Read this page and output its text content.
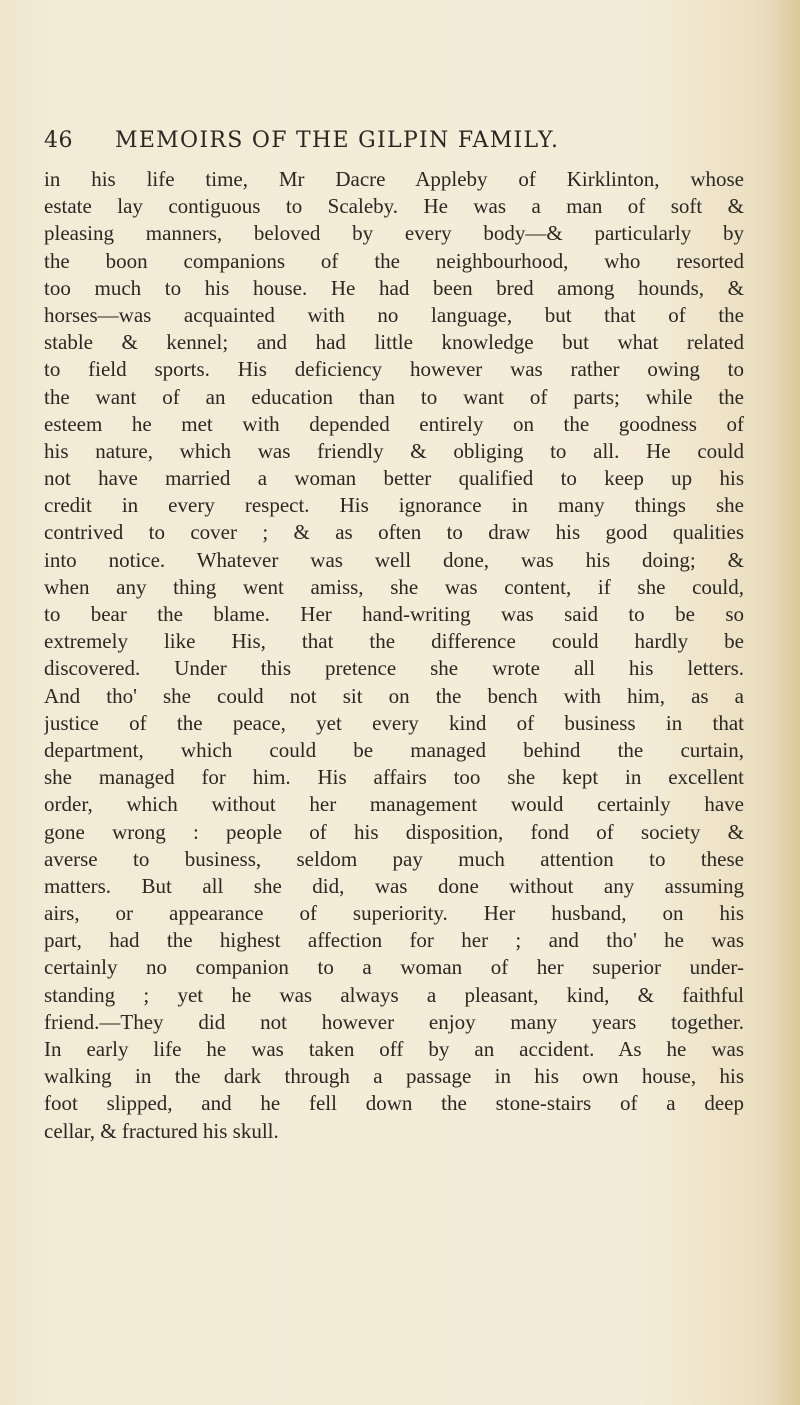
46 MEMOIRS OF THE GILPIN FAMILY.
in his life time, Mr Dacre Appleby of Kirklinton, whose
estate lay contiguous to Scaleby. He was a man of soft &
pleasing manners, beloved by every body—& particularly by
the boon companions of the neighbourhood, who resorted
too much to his house. He had been bred among hounds, &
horses—was acquainted with no language, but that of the
stable & kennel; and had little knowledge but what related
to field sports. His deficiency however was rather owing to
the want of an education than to want of parts; while the
esteem he met with depended entirely on the goodness of
his nature, which was friendly & obliging to all. He could
not have married a woman better qualified to keep up his
credit in every respect. His ignorance in many things she
contrived to cover ; & as often to draw his good qualities
into notice. Whatever was well done, was his doing; &
when any thing went amiss, she was content, if she could,
to bear the blame. Her hand-writing was said to be so
extremely like His, that the difference could hardly be
discovered. Under this pretence she wrote all his letters.
And tho' she could not sit on the bench with him, as a
justice of the peace, yet every kind of business in that
department, which could be managed behind the curtain,
she managed for him. His affairs too she kept in excellent
order, which without her management would certainly have
gone wrong : people of his disposition, fond of society &
averse to business, seldom pay much attention to these
matters. But all she did, was done without any assuming
airs, or appearance of superiority. Her husband, on his
part, had the highest affection for her ; and tho' he was
certainly no companion to a woman of her superior under-
standing ; yet he was always a pleasant, kind, & faithful
friend.—They did not however enjoy many years together.
In early life he was taken off by an accident. As he was
walking in the dark through a passage in his own house, his
foot slipped, and he fell down the stone-stairs of a deep
cellar, & fractured his skull.
